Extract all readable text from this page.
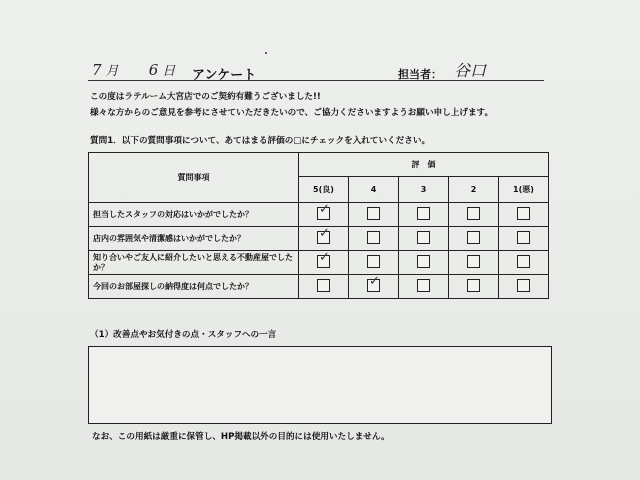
7 月 6 日 アンケート	担当者： 谷口
この度はラテルーム大宮店でのご契約有難うございました!!
様々な方からのご意見を参考にさせていただきたいので、ご協力くださいますようお願い申し上げます。
質問1．以下の質問事項について、あてはまる評価の□にチェックを入れていください。
質問事項	評　価				
	5(良)	4	3	2	1(悪)
担当したスタッフの対応はいかがでしたか？	✓				

店内の雰囲気や清潔感はいかがでしたか？	✓				

知り合いやご友人に紹介したいと思える不動産屋でしたか？	✓				

今回のお部屋探しの納得度は何点でしたか？		✓			

（1）改善点やお気付きの点・スタッフへの一言
なお、この用紙は厳重に保管し、HP掲載以外の目的には使用いたしません。
